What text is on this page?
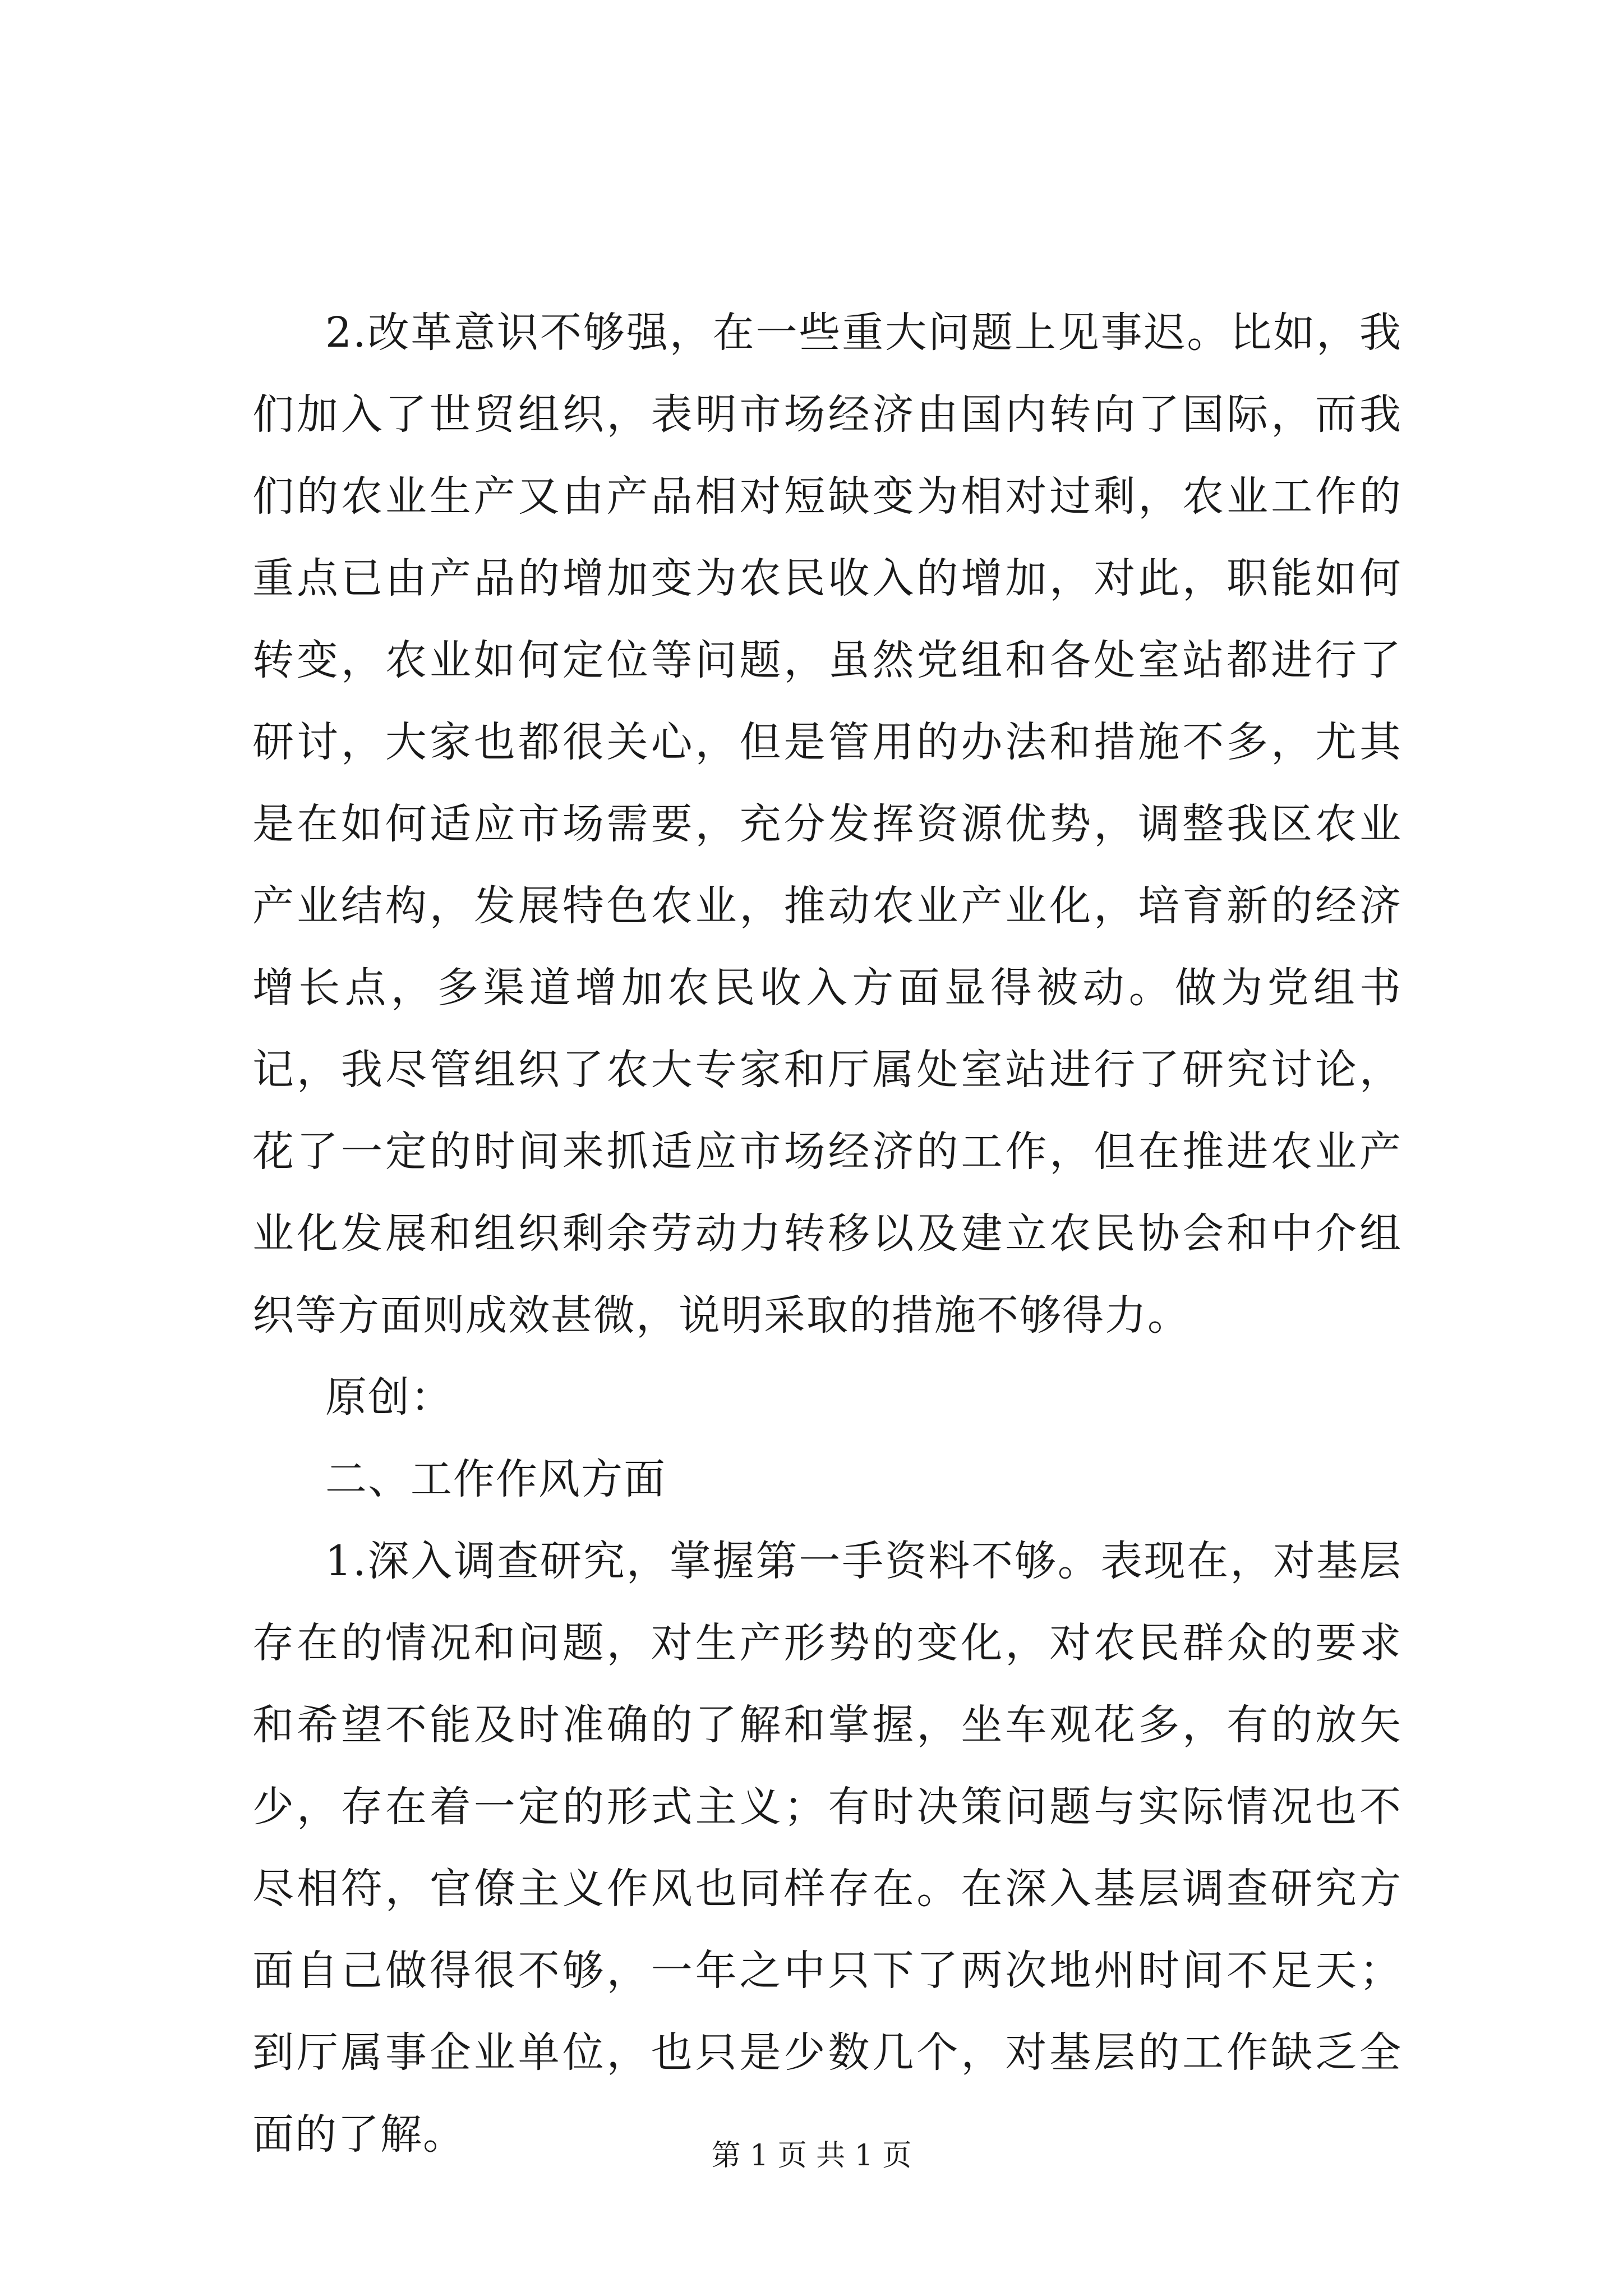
2.改革意识不够强，在一些重大问题上见事迟。比如，我们加入了世贸组织，表明市场经济由国内转向了国际，而我们的农业生产又由产品相对短缺变为相对过剩，农业工作的重点已由产品的增加变为农民收入的增加，对此，职能如何转变，农业如何定位等问题，虽然党组和各处室站都进行了研讨，大家也都很关心，但是管用的办法和措施不多，尤其是在如何适应市场需要，充分发挥资源优势，调整我区农业产业结构，发展特色农业，推动农业产业化，培育新的经济增长点，多渠道增加农民收入方面显得被动。做为党组书记，我尽管组织了农大专家和厅属处室站进行了研究讨论，花了一定的时间来抓适应市场经济的工作，但在推进农业产业化发展和组织剩余劳动力转移以及建立农民协会和中介组织等方面则成效甚微，说明采取的措施不够得力。

原创：

二、工作作风方面

1.深入调查研究，掌握第一手资料不够。表现在，对基层存在的情况和问题，对生产形势的变化，对农民群众的要求和希望不能及时准确的了解和掌握，坐车观花多，有的放矢少，存在着一定的形式主义；有时决策问题与实际情况也不尽相符，官僚主义作风也同样存在。在深入基层调查研究方面自己做得很不够，一年之中只下了两次地州时间不足天；到厅属事企业单位，也只是少数几个，对基层的工作缺乏全面的了解。	第 1 页 共 1 页
